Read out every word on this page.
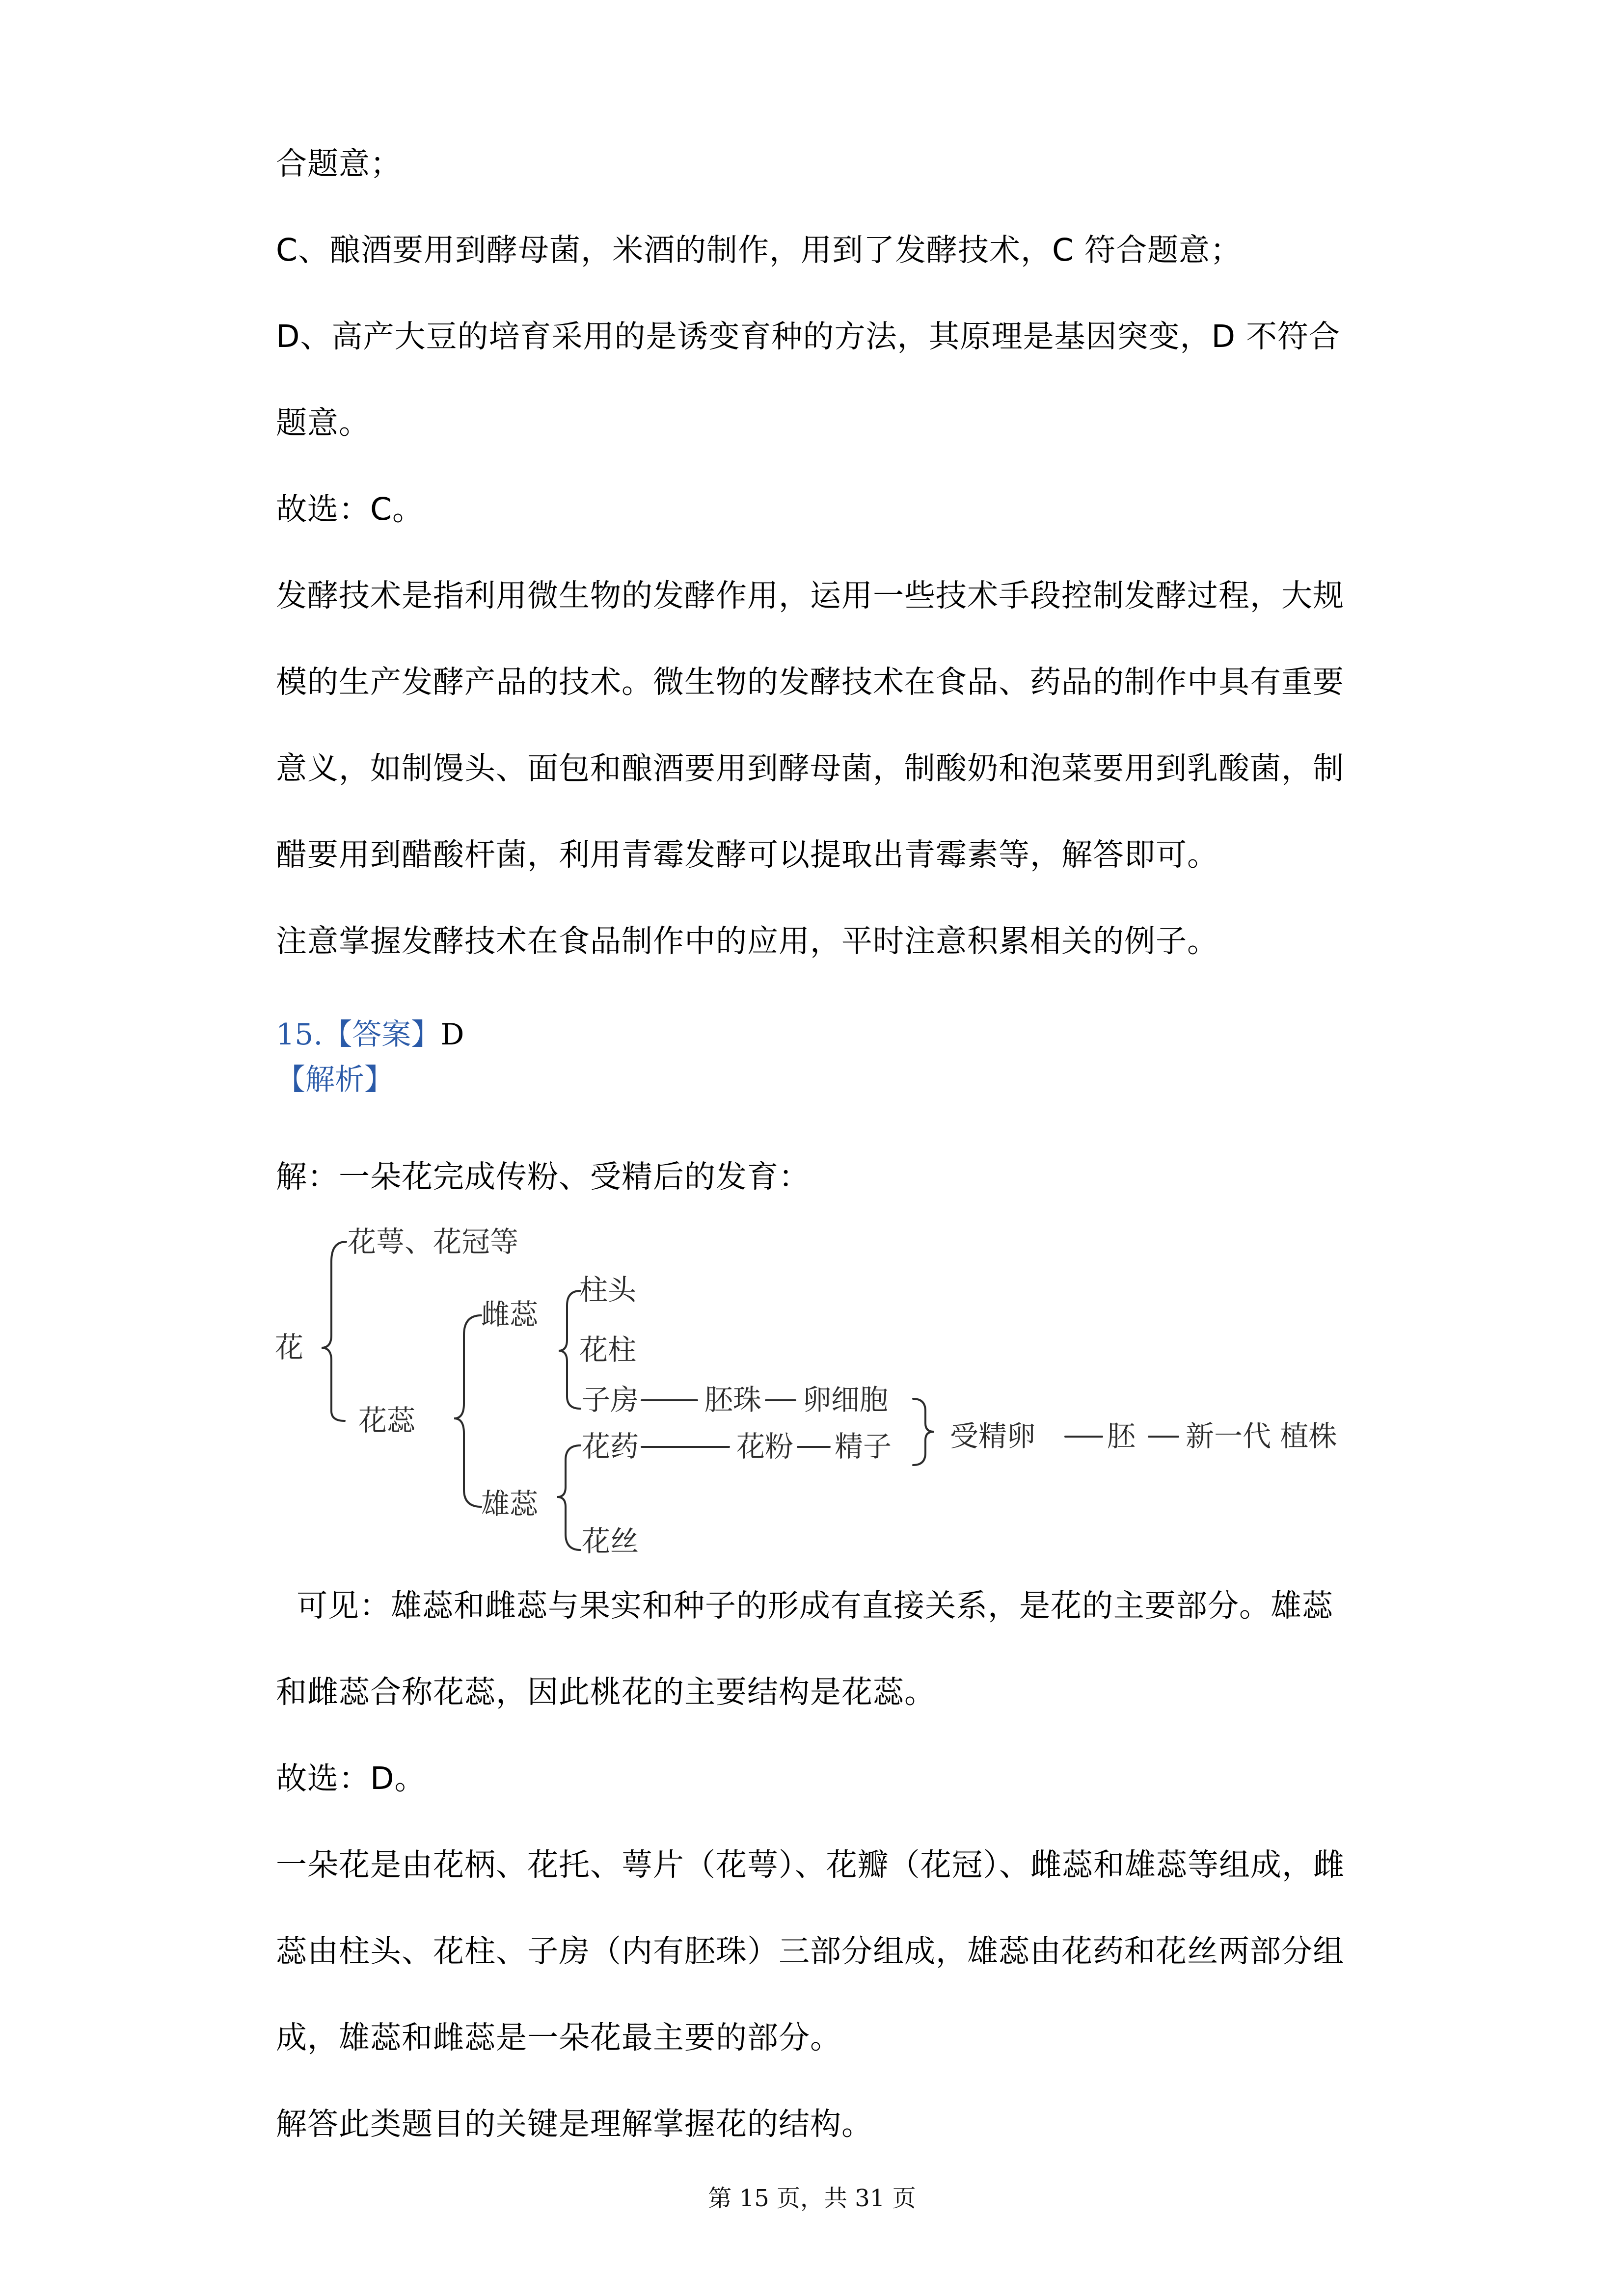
合题意；
C、酿酒要用到酵母菌，米酒的制作，用到了发酵技术，C 符合题意；
D、高产大豆的培育采用的是诱变育种的方法，其原理是基因突变，D 不符合题意。
故选：C。
发酵技术是指利用微生物的发酵作用，运用一些技术手段控制发酵过程，大规模的生产发酵产品的技术。微生物的发酵技术在食品、药品的制作中具有重要意义，如制馒头、面包和酿酒要用到酵母菌，制酸奶和泡菜要用到乳酸菌，制醋要用到醋酸杆菌，利用青霉发酵可以提取出青霉素等，解答即可。
注意掌握发酵技术在食品制作中的应用，平时注意积累相关的例子。
15.【答案】D
【解析】
解：一朵花完成传粉、受精后的发育：
花
花萼、花冠等
花蕊
雌蕊
柱头
花柱
子房 胚珠 卵细胞
雄蕊
花药	花粉 精子 受精卵	胚 新一代 植株
花丝
可见：雄蕊和雌蕊与果实和种子的形成有直接关系，是花的主要部分。雄蕊和雌蕊合称花蕊，因此桃花的主要结构是花蕊。
故选：D。
一朵花是由花柄、花托、萼片（花萼）、花瓣（花冠）、雌蕊和雄蕊等组成，雌蕊由柱头、花柱、子房（内有胚珠）三部分组成，雄蕊由花药和花丝两部分组成，雄蕊和雌蕊是一朵花最主要的部分。
解答此类题目的关键是理解掌握花的结构。
第 15 页，共 31 页
